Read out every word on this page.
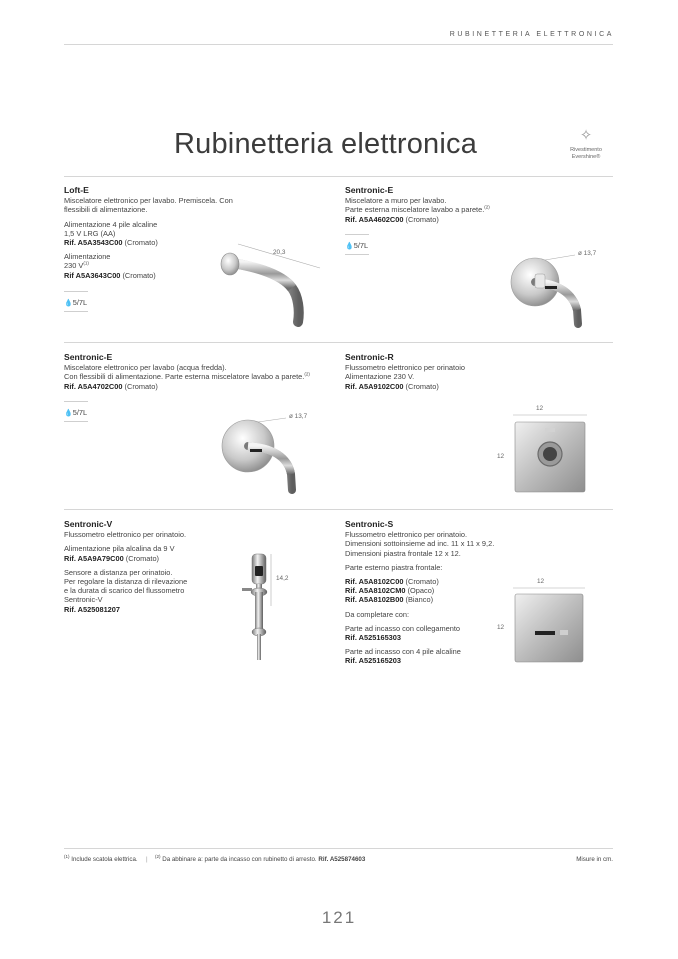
RUBINETTERIA ELETTRONICA
Rubinetteria elettronica	✧
Rivestimento
Evershine®
Loft-E

Miscelatore elettronico per lavabo. Premiscela. Con flessibili di alimentazione.

Alimentazione 4 pile alcaline
1,5 V LRG (AA)
Rif. A5A3543C00 (Cromato)

Alimentazione
230 $V^{(1)}$
Rif A5A3643C00 (Cromato)

💧5/7L
20,3
Sentronic-E

Miscelatore a muro per lavabo.
Parte esterna miscelatore lavabo a parete.$^{(2)}$
Rif. A5A4602C00 (Cromato)

💧5/7L
ø 13,7
Sentronic-E

Miscelatore elettronico per lavabo (acqua fredda).
Con flessibili di alimentazione. Parte esterna miscelatore lavabo a parete.$^{(2)}$
Rif. A5A4702C00 (Cromato)

💧5/7L	ø 13,7
Sentronic-R

Flussometro elettronico per orinatoio
Alimentazione 230 V.
Rif. A5A9102C00 (Cromato)

12
12
Sentronic-V

Flussometro elettronico per orinatoio.

Alimentazione pila alcalina da 9 V
Rif. A5A9A79C00 (Cromato)

Sensore a distanza per orinatoio.
Per regolare la distanza di rilevazione
e la durata di scarico del flussometro
Sentronic-V
Rif. A525081207

14,2
Sentronic-S

Flussometro elettronico per orinatoio.
Dimensioni sottoinsieme ad inc. 11 x 11 x 9,2.
Dimensioni piastra frontale 12 x 12.

Parte esterno piastra frontale:

Rif. A5A8102C00 (Cromato)
Rif. A5A8102CM0 (Opaco)
Rif. A5A8102B00 (Bianco)

Da completare con:

Parte ad incasso con collegamento
Rif. A525165303

Parte ad incasso con 4 pile alcaline
Rif. A525165203

12
12
$^{(1)}$ Include scatola elettrica. | $^{(2)}$ Da abbinare a: parte da incasso con rubinetto di arresto. Rif. A525874603	Misure in cm.
121
